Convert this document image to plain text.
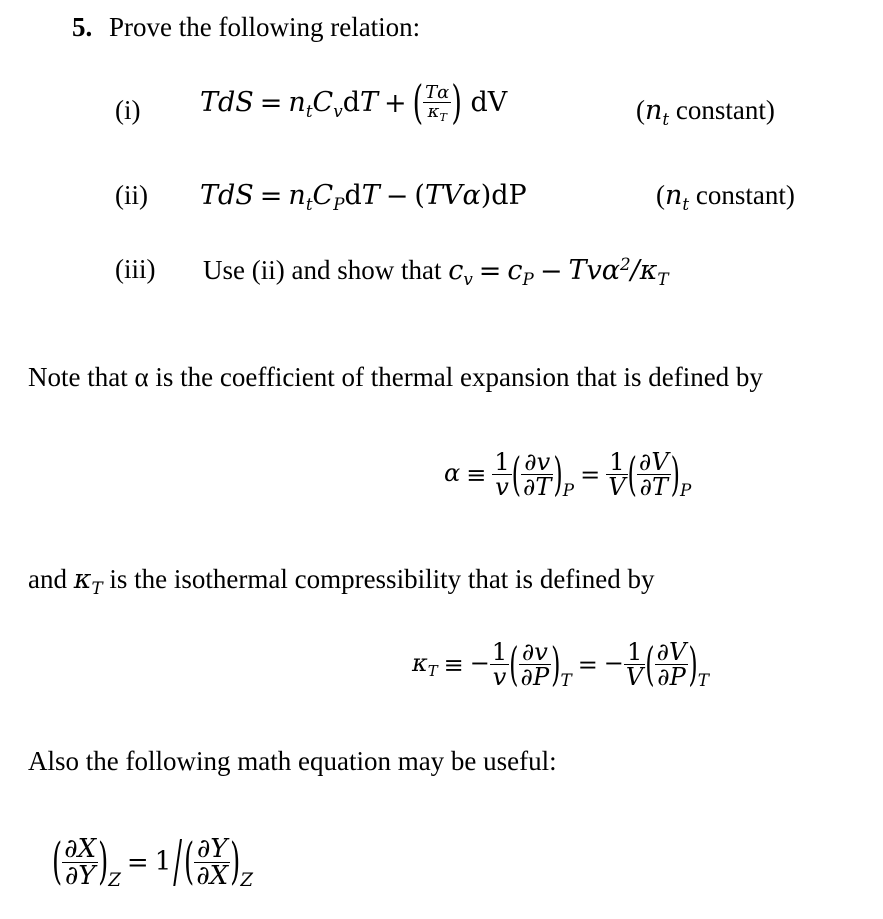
5. Prove the following relation:
(i) TdS = $n_tC_vdT$ + ( $\frac{T\alpha}{\kappa_T}$ ) dV	($n_t$ constant)
(ii) TdS = $n_tC_PdT - (TV\alpha)dP$	($n_t$ constant)
(iii) Use (ii) and show that $c_v = c_P - Tv\alpha^2/\kappa_T$
Note that α is the coefficient of thermal expansion that is defined by
$\alpha \equiv \frac{1}{v}$ ( $\frac{\partial v}{\partial T} )P= \frac{1}{V}$ ( $\frac{\partial V}{\partial T} )P$
and $\kappa_T$ is the isothermal compressibility that is defined by
$\kappa_T$ ≡ − $\frac{1}{v}$ ( $\frac{\partial v}{\partial P} )T= - \frac{1}{V}$ ( $\frac{\partial V}{\partial P} )T$
Also the following math equation may be useful:
( $\frac{\partial X}{\partial Y} )Z= 1/( \frac{\partial Y}{\partial X} )Z$
